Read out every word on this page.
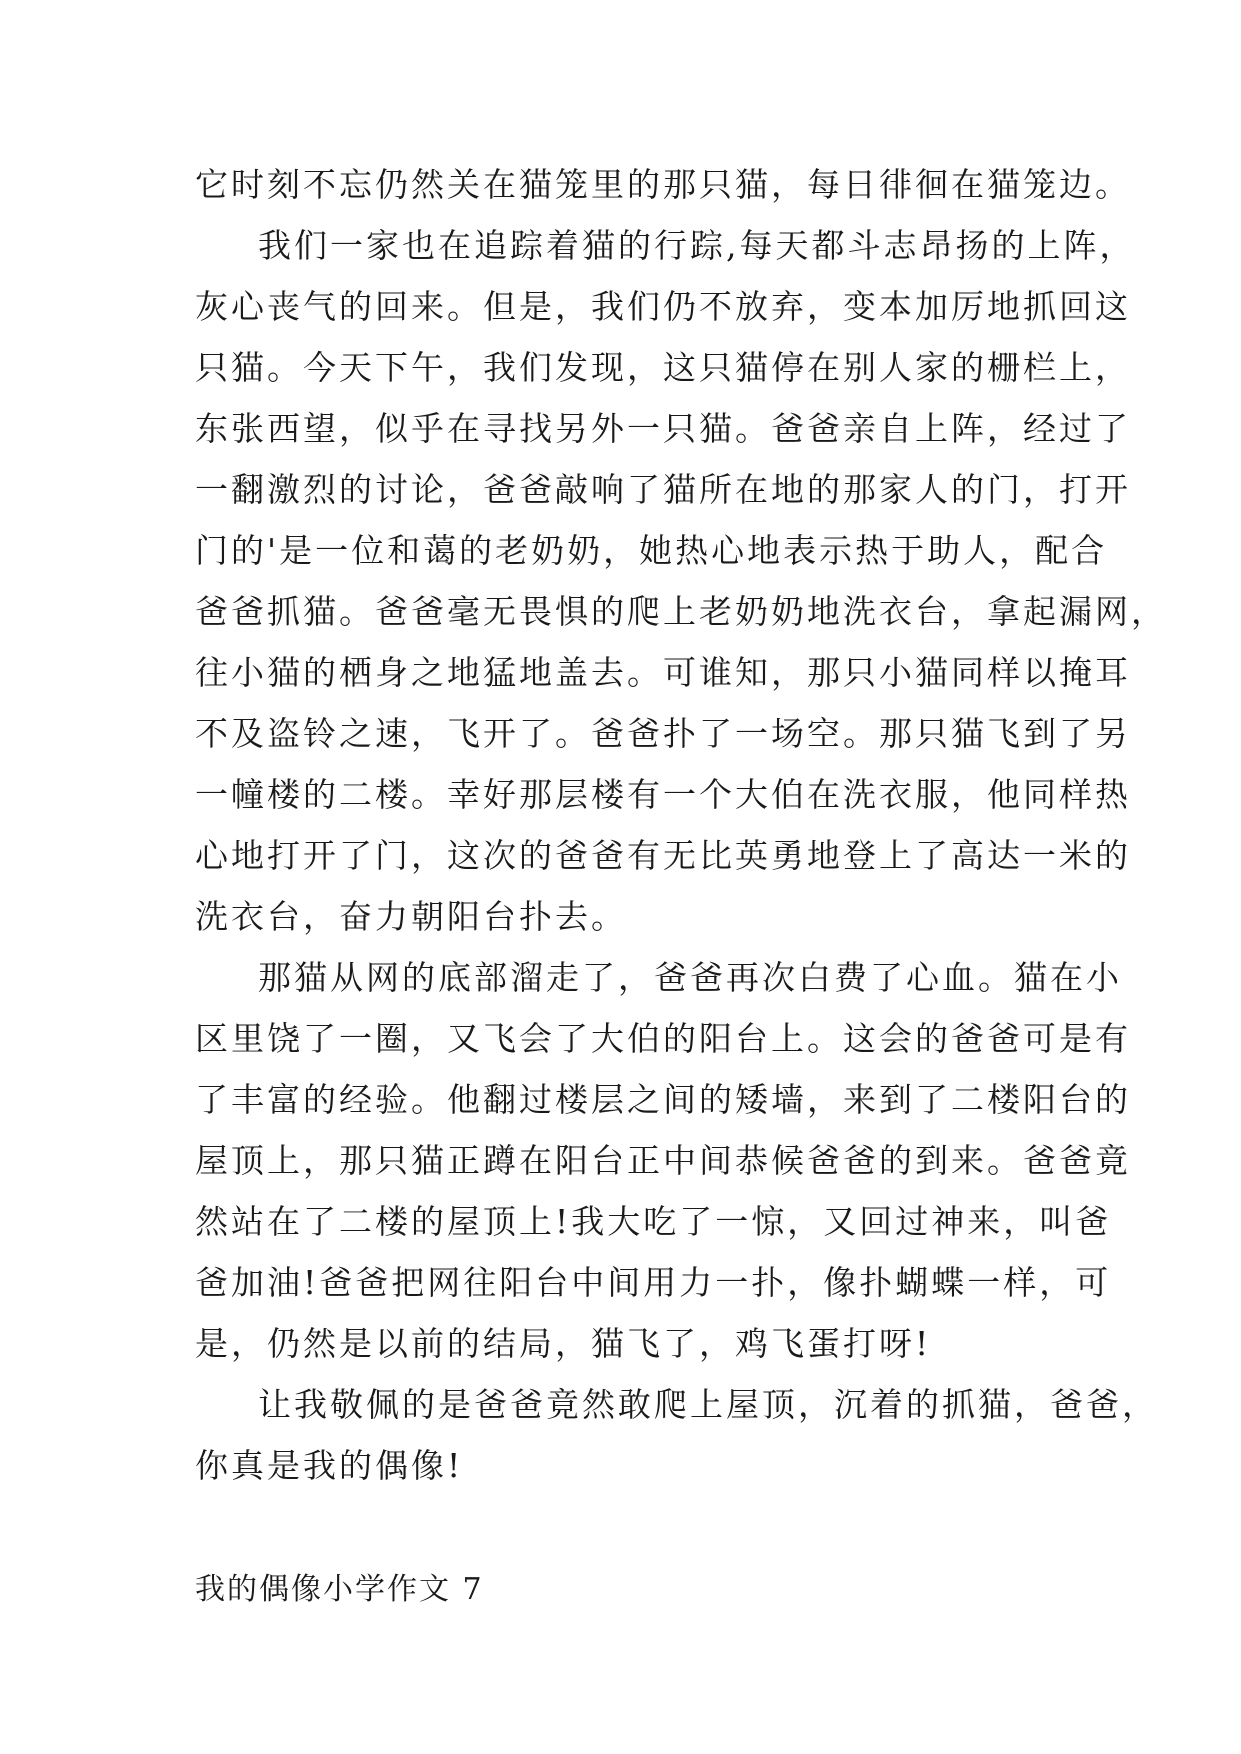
它时刻不忘仍然关在猫笼里的那只猫，每日徘徊在猫笼边。
我们一家也在追踪着猫的行踪,每天都斗志昂扬的上阵，
灰心丧气的回来。但是，我们仍不放弃，变本加厉地抓回这
只猫。今天下午，我们发现，这只猫停在别人家的栅栏上，
东张西望，似乎在寻找另外一只猫。爸爸亲自上阵，经过了
一翻激烈的讨论，爸爸敲响了猫所在地的那家人的门，打开
门的'是一位和蔼的老奶奶，她热心地表示热于助人，配合
爸爸抓猫。爸爸毫无畏惧的爬上老奶奶地洗衣台，拿起漏网，
往小猫的栖身之地猛地盖去。可谁知，那只小猫同样以掩耳
不及盗铃之速，飞开了。爸爸扑了一场空。那只猫飞到了另
一幢楼的二楼。幸好那层楼有一个大伯在洗衣服，他同样热
心地打开了门，这次的爸爸有无比英勇地登上了高达一米的
洗衣台，奋力朝阳台扑去。
那猫从网的底部溜走了，爸爸再次白费了心血。猫在小
区里饶了一圈，又飞会了大伯的阳台上。这会的爸爸可是有
了丰富的经验。他翻过楼层之间的矮墙，来到了二楼阳台的
屋顶上，那只猫正蹲在阳台正中间恭候爸爸的到来。爸爸竟
然站在了二楼的屋顶上!我大吃了一惊，又回过神来，叫爸
爸加油!爸爸把网往阳台中间用力一扑，像扑蝴蝶一样，可
是，仍然是以前的结局，猫飞了，鸡飞蛋打呀!
让我敬佩的是爸爸竟然敢爬上屋顶，沉着的抓猫，爸爸，
你真是我的偶像!
我的偶像小学作文 7
